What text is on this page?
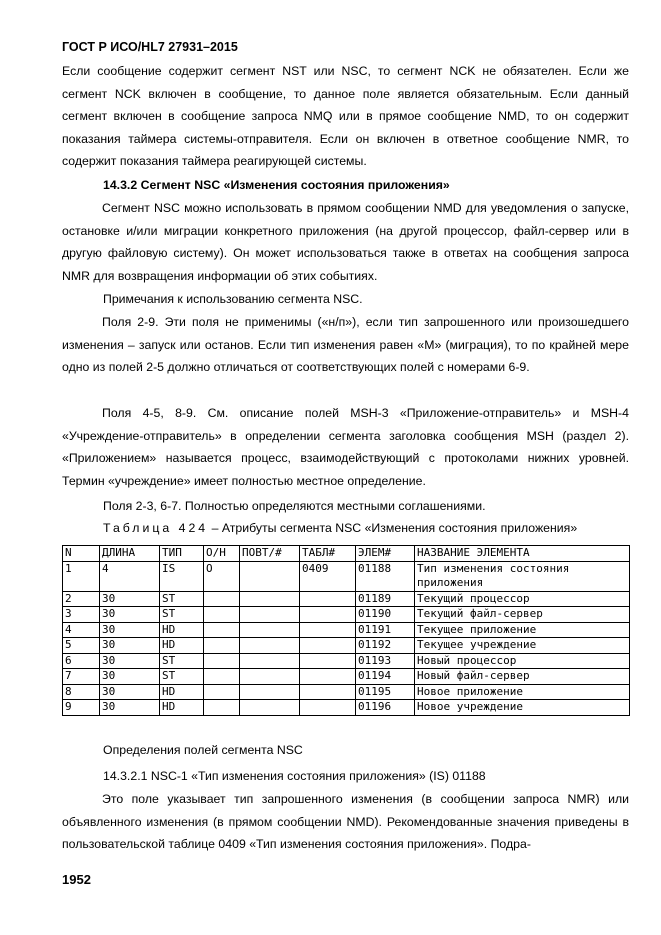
ГОСТ Р ИСО/HL7 27931–2015
Если сообщение содержит сегмент NST или NSC, то сегмент NCK не обязателен. Если же сегмент NCK включен в сообщение, то данное поле является обязательным. Если данный сегмент включен в сообщение запроса NMQ или в прямое сообщение NMD, то он содержит показания таймера системы-отправителя. Если он включен в ответное сообщение NMR, то содержит показания таймера реагирующей системы.
14.3.2 Сегмент NSC «Изменения состояния приложения»
Сегмент NSC можно использовать в прямом сообщении NMD для уведомления о запуске, остановке и/или миграции конкретного приложения (на другой процессор, файл-сервер или в другую файловую систему). Он может использоваться также в ответах на сообщения запроса NMR для возвращения информации об этих событиях.
Примечания к использованию сегмента NSC.
Поля 2-9. Эти поля не применимы («н/п»), если тип запрошенного или произошедшего изменения – запуск или останов. Если тип изменения равен «М» (миграция), то по крайней мере одно из полей 2-5 должно отличаться от соответствующих полей с номерами 6-9.
Поля 4-5, 8-9. См. описание полей MSH-3 «Приложение-отправитель» и MSH-4 «Учреждение-отправитель» в определении сегмента заголовка сообщения MSH (раздел 2). «Приложением» называется процесс, взаимодействующий с протоколами нижних уровней. Термин «учреждение» имеет полностью местное определение.
Поля 2-3, 6-7. Полностью определяются местными соглашениями.
Таблица 424 – Атрибуты сегмента NSC «Изменения состояния приложения»
N	ДЛИНА	ТИП	О/Н	ПОВТ/#	ТАБЛ#	ЭЛЕМ#	НАЗВАНИЕ ЭЛЕМЕНТА
1	4	IS	O		0409	01188	Тип изменения состояния приложения
2	30	ST				01189	Текущий процессор
3	30	ST				01190	Текущий файл-сервер
4	30	HD				01191	Текущее приложение
5	30	HD				01192	Текущее учреждение
6	30	ST				01193	Новый процессор
7	30	ST				01194	Новый файл-сервер
8	30	HD				01195	Новое приложение
9	30	HD				01196	Новое учреждение
Определения полей сегмента NSC
14.3.2.1 NSC-1 «Тип изменения состояния приложения» (IS) 01188
Это поле указывает тип запрошенного изменения (в сообщении запроса NMR) или объявленного изменения (в прямом сообщении NMD). Рекомендованные значения приведены в пользовательской таблице 0409 «Тип изменения состояния приложения». Подра-
1952
